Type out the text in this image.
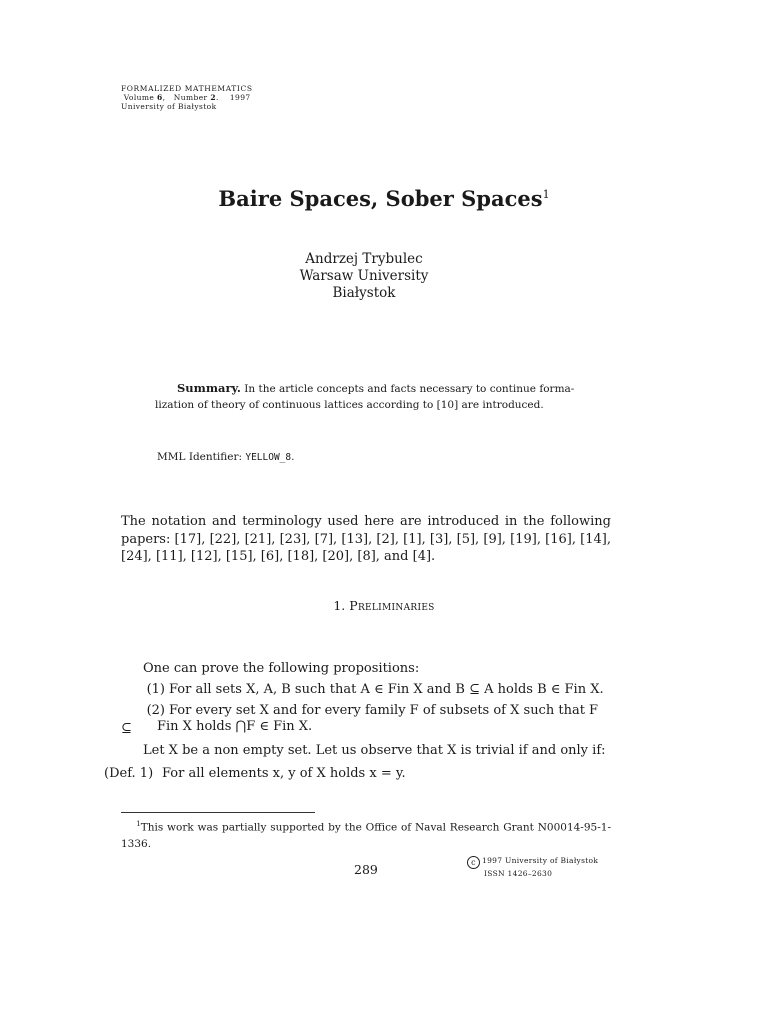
FORMALIZED MATHEMATICS
Volume 6,   Number 2.    1997
University of Białystok
Baire Spaces, Sober Spaces$^1$
Andrzej Trybulec
Warsaw University
Białystok
Summary. In the article concepts and facts necessary to continue forma- lization of theory of continuous lattices according to [10] are introduced.
MML Identifier: YELLOW_8.
The notation and terminology used here are introduced in the following papers: [17], [22], [21], [23], [7], [13], [2], [1], [3], [5], [9], [19], [16], [14], [24], [11], [12], [15], [6], [18], [20], [8], and [4].
1. Preliminaries
One can prove the following propositions:
(1) For all sets X, A, B such that A ∈ Fin X and B ⊆ A holds B ∈ Fin X.
(2) For every set X and for every family F of subsets of X such that F ⊆	Fin X holds ⋂F ∈ Fin X.
Let X be a non empty set. Let us observe that X is trivial if and only if:
(Def. 1) For all elements x, y of X holds x = y.
$^1$This work was partially supported by the Office of Naval Research Grant N00014-95-1-1336.
289	c 1997 University of Białystok
ISSN 1426–2630
